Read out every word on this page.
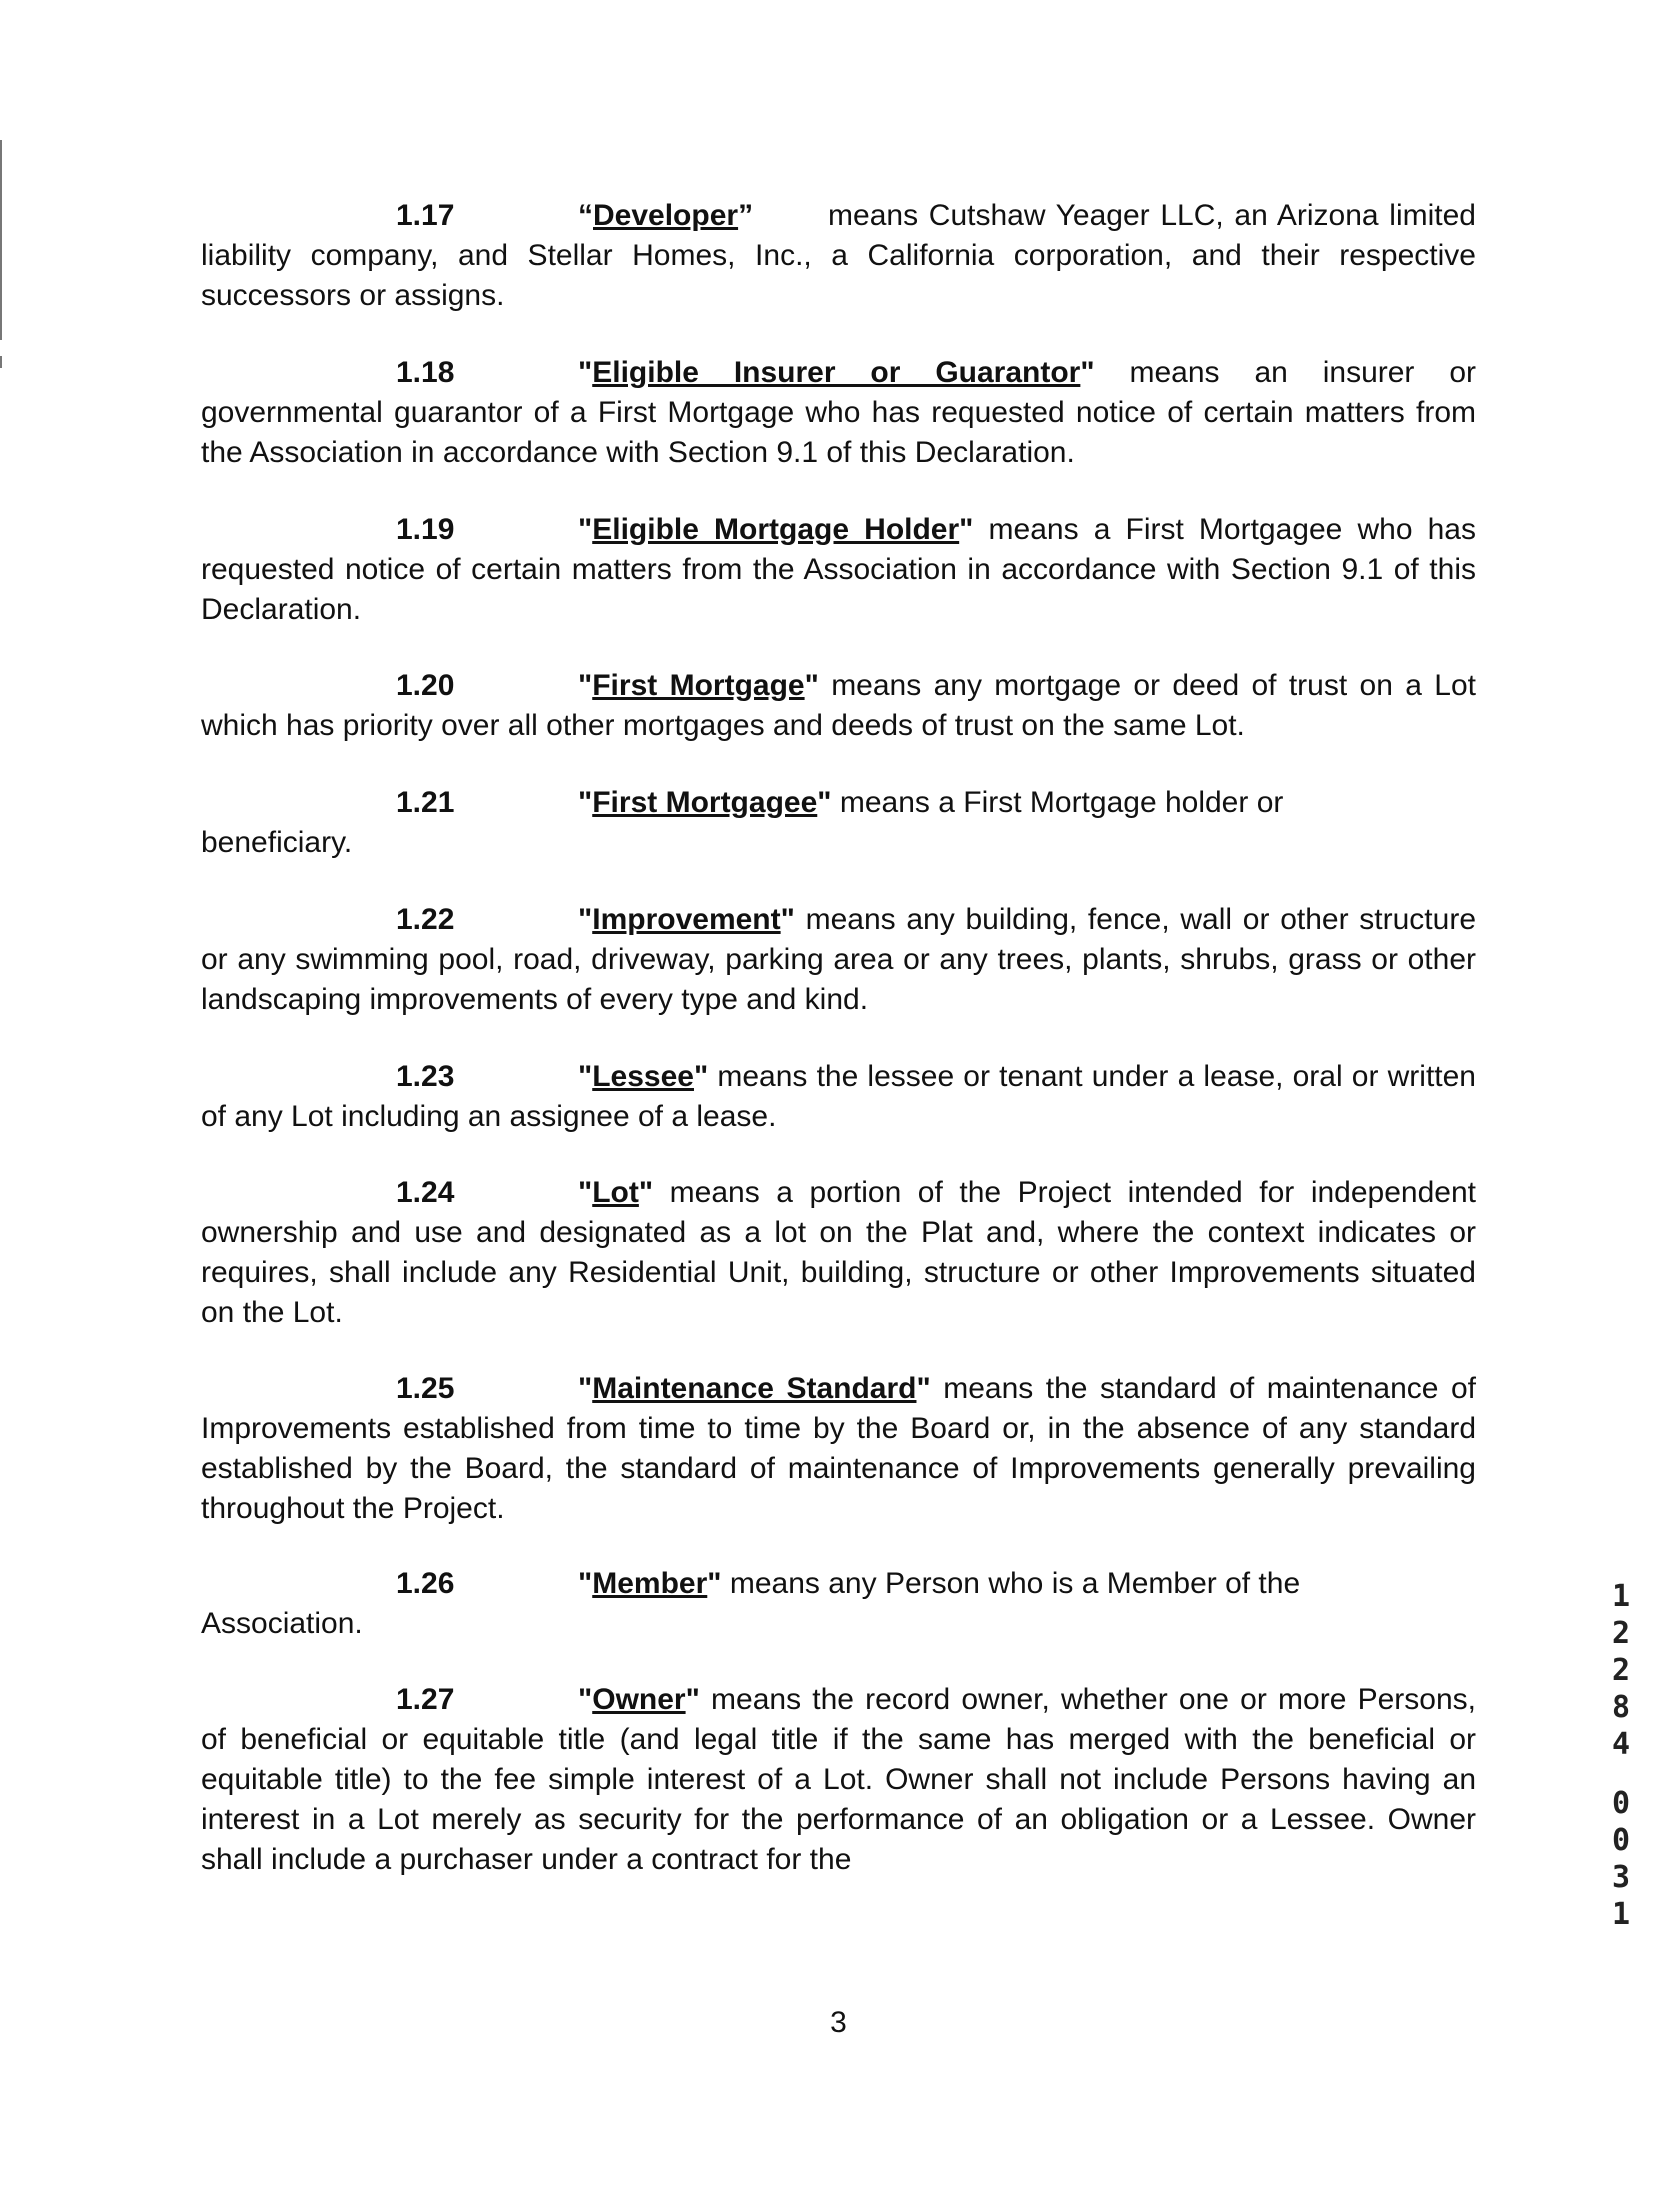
1.17	“Developer” means Cutshaw Yeager LLC, an Arizona limited liability company, and Stellar Homes, Inc., a California corporation, and their respective successors or assigns.
1.18	"Eligible Insurer or Guarantor" means an insurer or governmental guarantor of a First Mortgage who has requested notice of certain matters from the Association in accordance with Section 9.1 of this Declaration.
1.19	"Eligible Mortgage Holder" means a First Mortgagee who has requested notice of certain matters from the Association in accordance with Section 9.1 of this Declaration.
1.20	"First Mortgage" means any mortgage or deed of trust on a Lot which has priority over all other mortgages and deeds of trust on the same Lot.
1.21	"First Mortgagee" means a First Mortgage holder or
beneficiary.
1.22	"Improvement" means any building, fence, wall or other structure or any swimming pool, road, driveway, parking area or any trees, plants, shrubs, grass or other landscaping improvements of every type and kind.
1.23	"Lessee" means the lessee or tenant under a lease, oral or written of any Lot including an assignee of a lease.
1.24	"Lot" means a portion of the Project intended for independent ownership and use and designated as a lot on the Plat and, where the context indicates or requires, shall include any Residential Unit, building, structure or other Improvements situated on the Lot.
1.25	"Maintenance Standard" means the standard of maintenance of Improvements established from time to time by the Board or, in the absence of any standard established by the Board, the standard of maintenance of Improvements generally prevailing throughout the Project.
1.26	"Member" means any Person who is a Member of the
Association.
1.27	"Owner" means the record owner, whether one or more Persons, of beneficial or equitable title (and legal title if the same has merged with the beneficial or equitable title) to the fee simple interest of a Lot. Owner shall not include Persons having an interest in a Lot merely as security for the performance of an obligation or a Lessee. Owner shall include a purchaser under a contract for the
1
2
2
8
4
0
0
3
1
3
